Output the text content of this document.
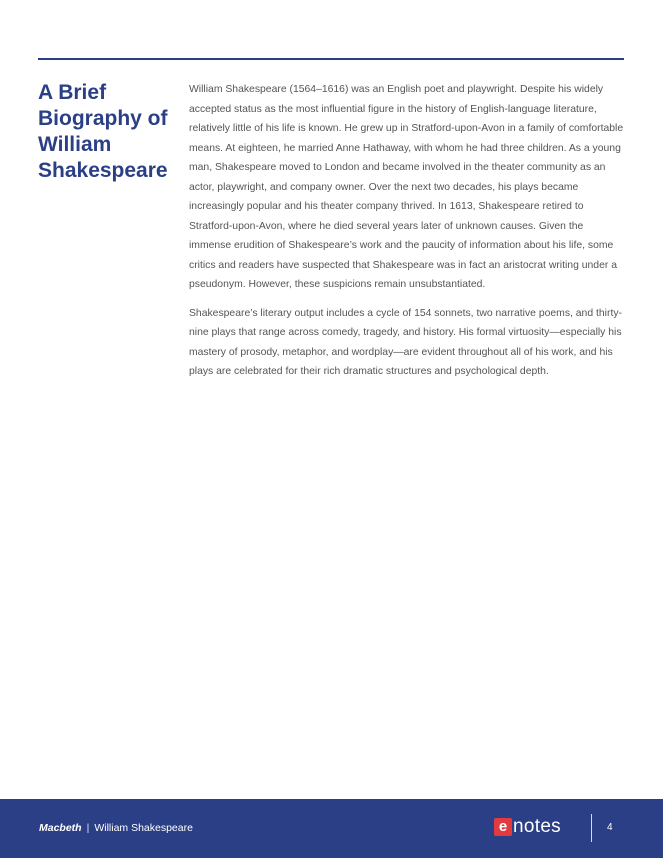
A Brief Biography of William Shakespeare

William Shakespeare (1564–1616) was an English poet and playwright. Despite his widely accepted status as the most influential figure in the history of English-language literature, relatively little of his life is known. He grew up in Stratford-upon-Avon in a family of comfortable means. At eighteen, he married Anne Hathaway, with whom he had three children. As a young man, Shakespeare moved to London and became involved in the theater community as an actor, playwright, and company owner. Over the next two decades, his plays became increasingly popular and his theater company thrived. In 1613, Shakespeare retired to Stratford-upon-Avon, where he died several years later of unknown causes. Given the immense erudition of Shakespeare’s work and the paucity of information about his life, some critics and readers have suspected that Shakespeare was in fact an aristocrat writing under a pseudonym. However, these suspicions remain unsubstantiated.

Shakespeare’s literary output includes a cycle of 154 sonnets, two narrative poems, and thirty-nine plays that range across comedy, tragedy, and history. His formal virtuosity—especially his mastery of prosody, metaphor, and wordplay—are evident throughout all of his work, and his plays are celebrated for their rich dramatic structures and psychological depth.

Macbeth | William Shakespeare	e notes	4
